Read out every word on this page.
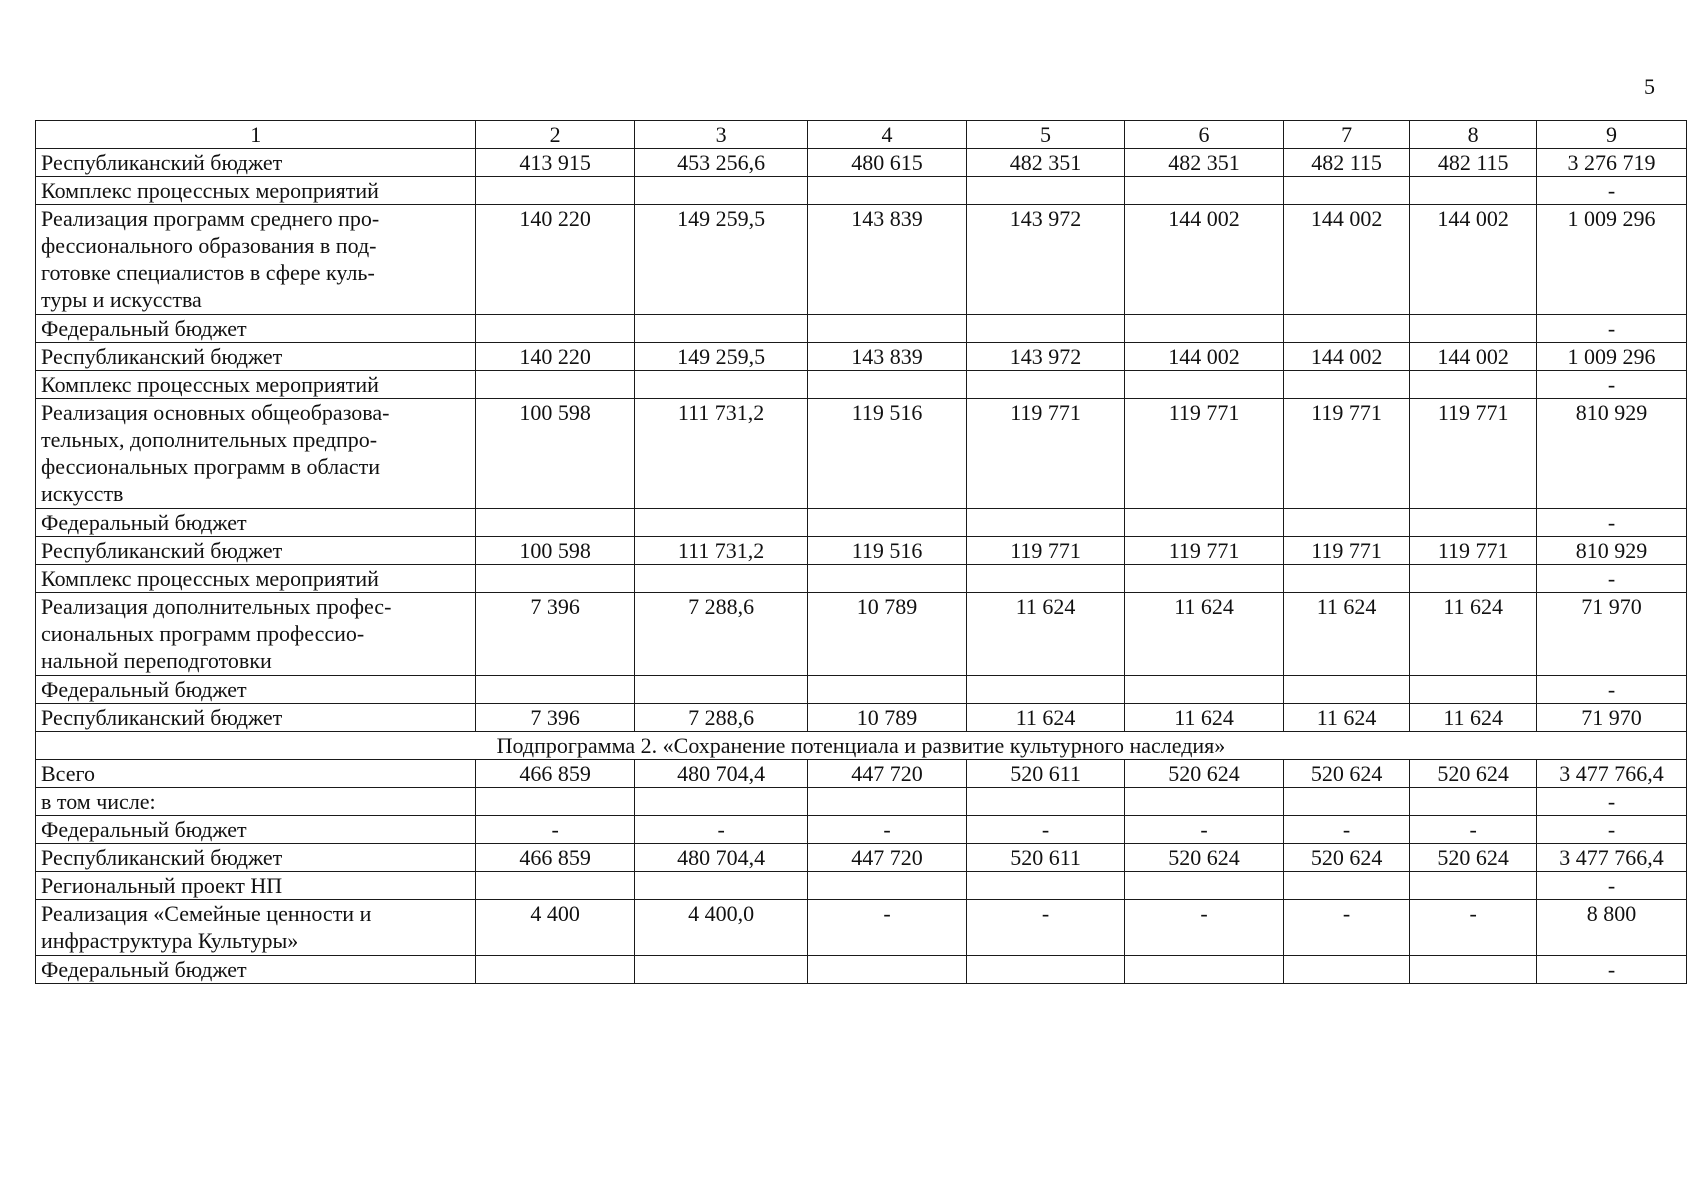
5
1	2	3	4	5	6	7	8	9
Республиканский бюджет	413 915	453 256,6	480 615	482 351	482 351	482 115	482 115	3 276 719
Комплекс процессных мероприятий								-
Реализация программ среднего про-
фессионального образования в под-
готовке специалистов в сфере куль-
туры и искусства	140 220	149 259,5	143 839	143 972	144 002	144 002	144 002	1 009 296
Федеральный бюджет								-
Республиканский бюджет	140 220	149 259,5	143 839	143 972	144 002	144 002	144 002	1 009 296
Комплекс процессных мероприятий								-
Реализация основных общеобразова-
тельных, дополнительных предпро-
фессиональных программ в области
искусств	100 598	111 731,2	119 516	119 771	119 771	119 771	119 771	810 929
Федеральный бюджет								-
Республиканский бюджет	100 598	111 731,2	119 516	119 771	119 771	119 771	119 771	810 929
Комплекс процессных мероприятий								-
Реализация дополнительных профес-
сиональных программ профессио-
нальной переподготовки	7 396	7 288,6	10 789	11 624	11 624	11 624	11 624	71 970
Федеральный бюджет								-
Республиканский бюджет	7 396	7 288,6	10 789	11 624	11 624	11 624	11 624	71 970
Подпрограмма 2. «Сохранение потенциала и развитие культурного наследия»								
Всего	466 859	480 704,4	447 720	520 611	520 624	520 624	520 624	3 477 766,4
в том числе:								-
Федеральный бюджет	-	-	-	-	-	-	-	-
Республиканский бюджет	466 859	480 704,4	447 720	520 611	520 624	520 624	520 624	3 477 766,4
Региональный проект НП								-
Реализация «Семейные ценности и
инфраструктура Культуры»	4 400	4 400,0	-	-	-	-	-	8 800
Федеральный бюджет								-
